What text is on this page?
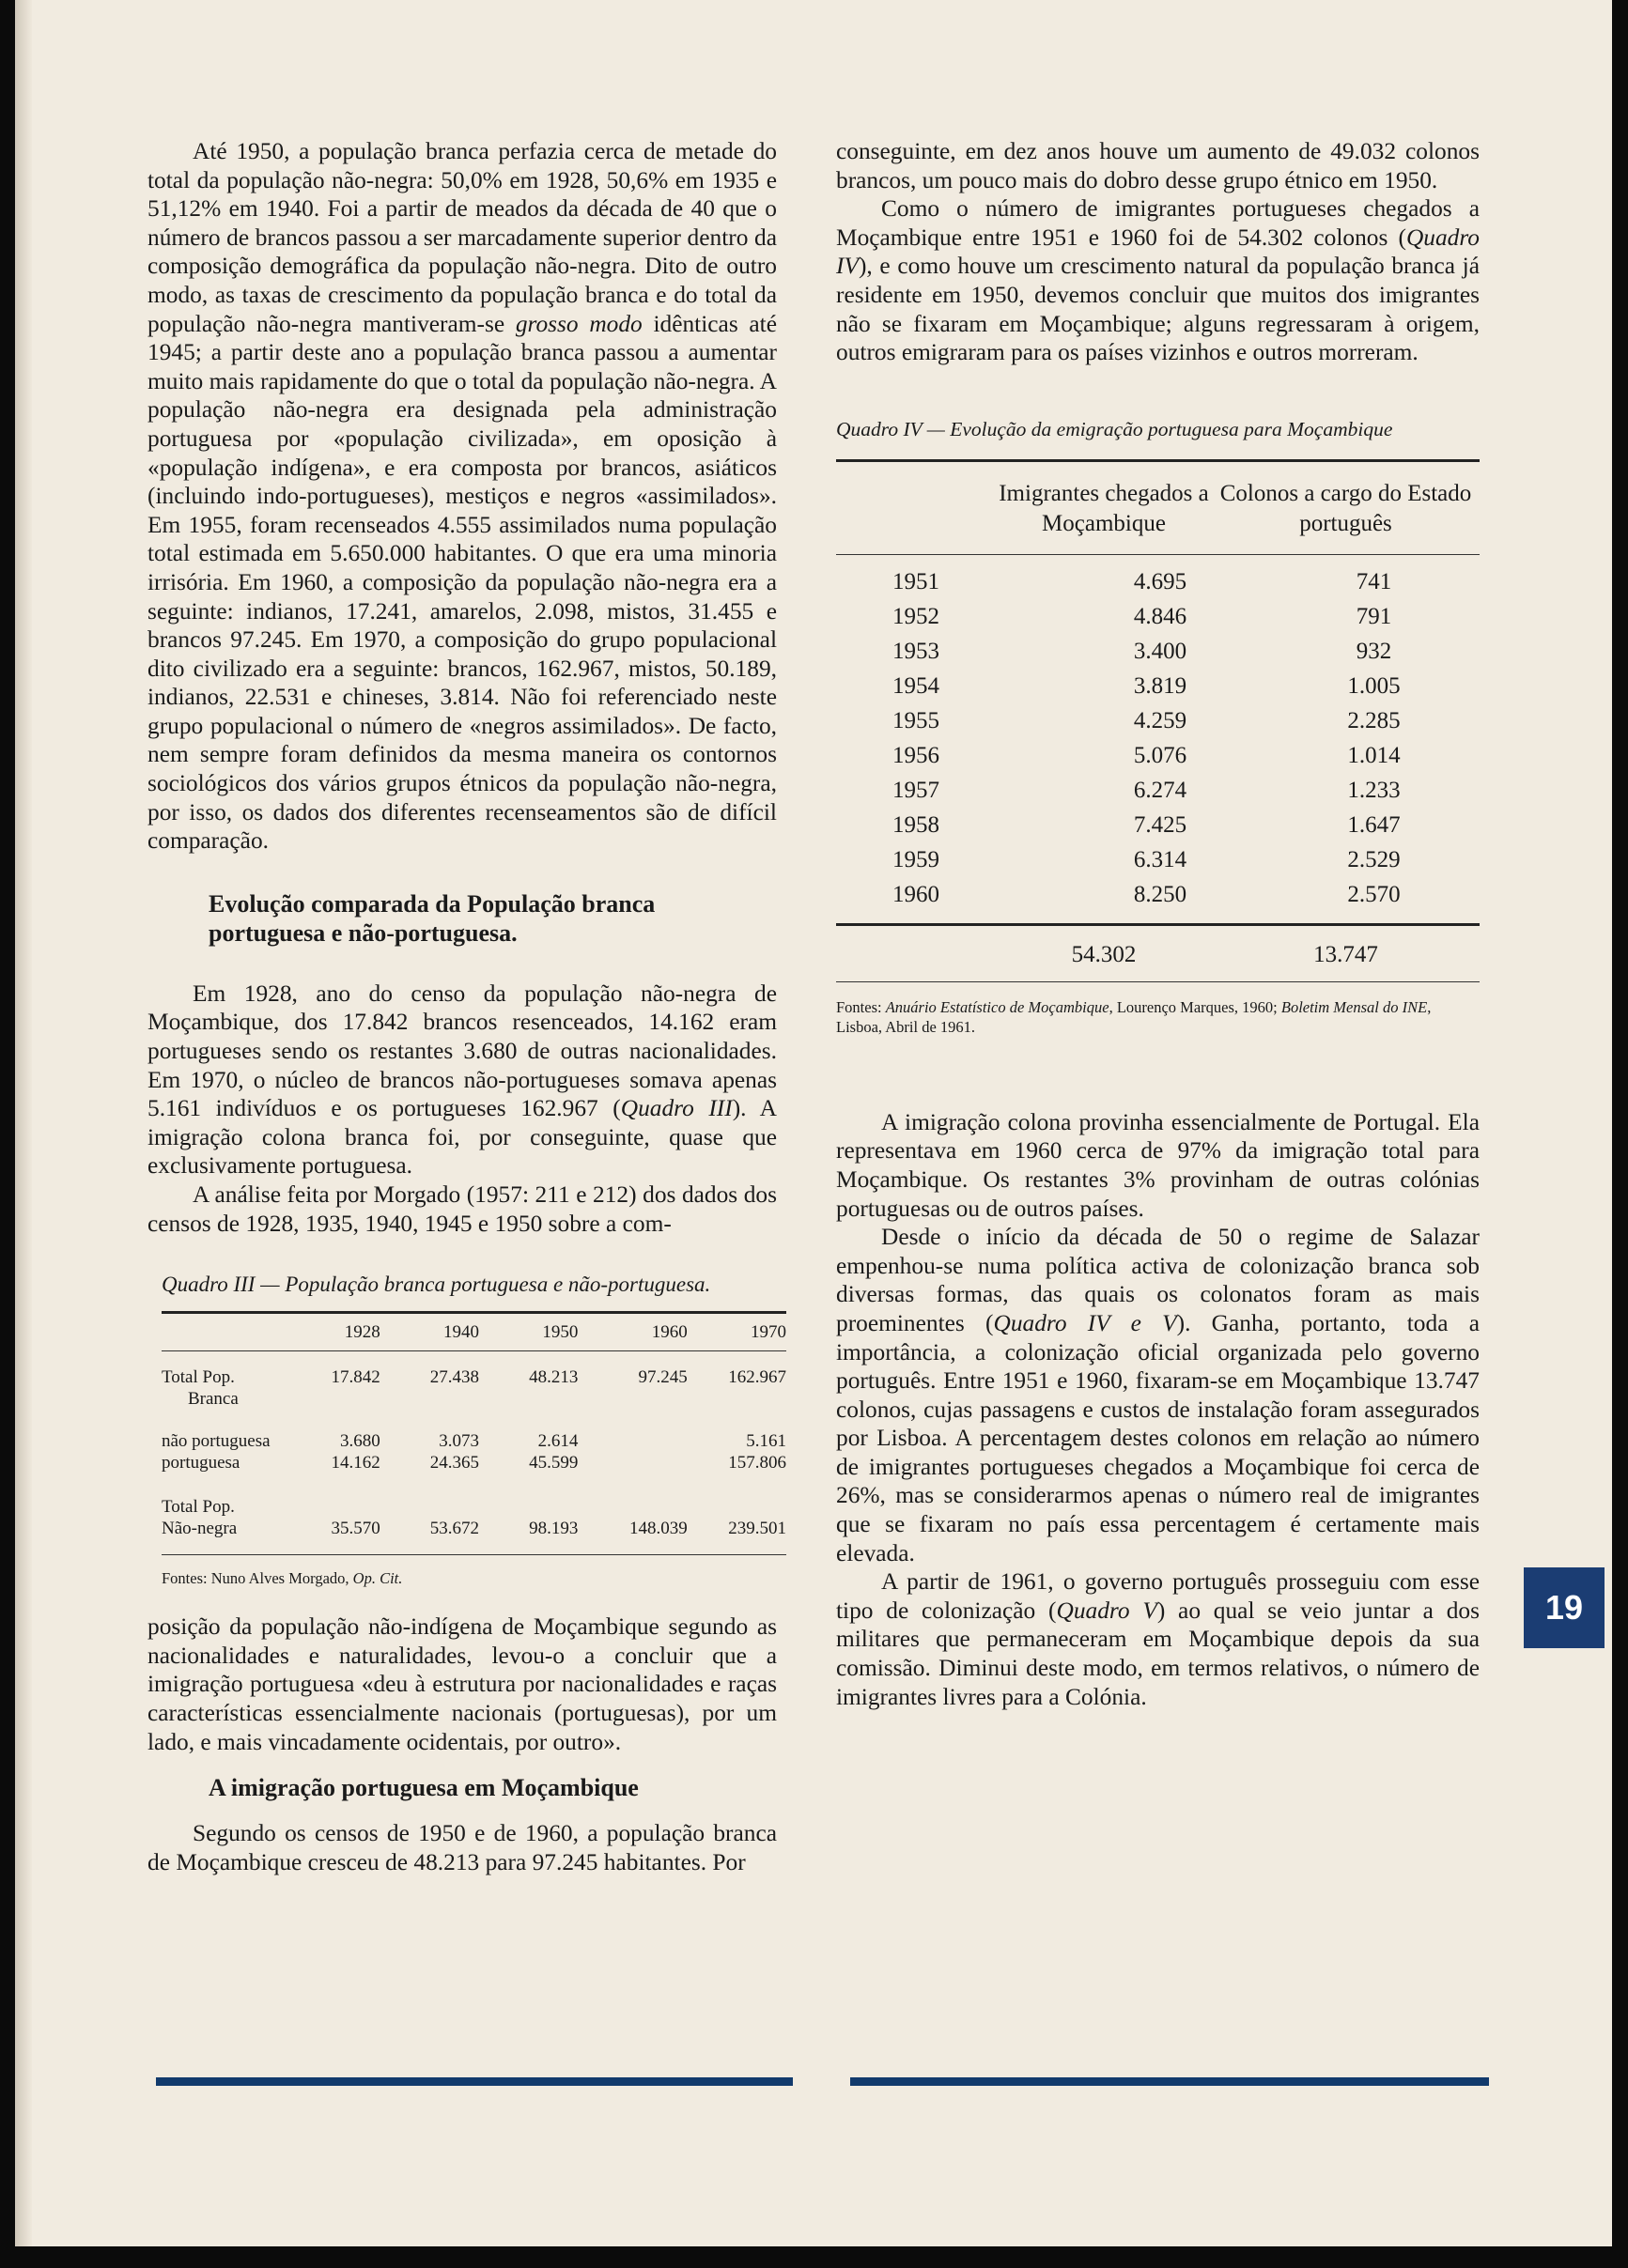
Até 1950, a população branca perfazia cerca de metade do total da população não-negra: 50,0% em 1928, 50,6% em 1935 e 51,12% em 1940. Foi a partir de meados da década de 40 que o número de brancos passou a ser marcadamente superior dentro da composição demográfica da população não-negra. Dito de outro modo, as taxas de crescimento da população branca e do total da população não-negra mantiveram-se grosso modo idênticas até 1945; a partir deste ano a população branca passou a aumentar muito mais rapidamente do que o total da população não-negra. A população não-negra era designada pela administração portuguesa por «população civilizada», em oposição à «população indígena», e era composta por brancos, asiáticos (incluindo indo-portugueses), mestiços e negros «assimilados». Em 1955, foram recenseados 4.555 assimilados numa população total estimada em 5.650.000 habitantes. O que era uma minoria irrisória. Em 1960, a composição da população não-negra era a seguinte: indianos, 17.241, amarelos, 2.098, mistos, 31.455 e brancos 97.245. Em 1970, a composição do grupo populacional dito civilizado era a seguinte: brancos, 162.967, mistos, 50.189, indianos, 22.531 e chineses, 3.814. Não foi referenciado neste grupo populacional o número de «negros assimilados». De facto, nem sempre foram definidos da mesma maneira os contornos sociológicos dos vários grupos étnicos da população não-negra, por isso, os dados dos diferentes recenseamentos são de difícil comparação.

Evolução comparada da População branca portuguesa e não-portuguesa.

Em 1928, ano do censo da população não-negra de Moçambique, dos 17.842 brancos resenceados, 14.162 eram portugueses sendo os restantes 3.680 de outras nacionalidades. Em 1970, o núcleo de brancos não-portugueses somava apenas 5.161 indivíduos e os portugueses 162.967 (Quadro III). A imigração colona branca foi, por conseguinte, quase que exclusivamente portuguesa.

A análise feita por Morgado (1957: 211 e 212) dos dados dos censos de 1928, 1935, 1940, 1945 e 1950 sobre a com-

Quadro III — População branca portuguesa e não-portuguesa.
	1928	1940	1950	1960	1970
Total Pop.
Branca	17.842	27.438	48.213	97.245	162.967

não portuguesa	3.680	3.073	2.614		5.161
portuguesa	14.162	24.365	45.599		157.806

Total Pop.
Não-negra	35.570	53.672	98.193	148.039	239.501
Fontes: Nuno Alves Morgado, Op. Cit.

posição da população não-indígena de Moçambique segundo as nacionalidades e naturalidades, levou-o a concluir que a imigração portuguesa «deu à estrutura por nacionalidades e raças características essencialmente nacionais (portuguesas), por um lado, e mais vincadamente ocidentais, por outro».

A imigração portuguesa em Moçambique

Segundo os censos de 1950 e de 1960, a população branca de Moçambique cresceu de 48.213 para 97.245 habitantes. Por

conseguinte, em dez anos houve um aumento de 49.032 colonos brancos, um pouco mais do dobro desse grupo étnico em 1950.

Como o número de imigrantes portugueses chegados a Moçambique entre 1951 e 1960 foi de 54.302 colonos (Quadro IV), e como houve um crescimento natural da população branca já residente em 1950, devemos concluir que muitos dos imigrantes não se fixaram em Moçambique; alguns regressaram à origem, outros emigraram para os países vizinhos e outros morreram.

Quadro IV — Evolução da emigração portuguesa para Moçambique
	Imigrantes chegados a Moçambique	Colonos a cargo do Estado português
1951	4.695	741
1952	4.846	791
1953	3.400	932
1954	3.819	1.005
1955	4.259	2.285
1956	5.076	1.014
1957	6.274	1.233
1958	7.425	1.647
1959	6.314	2.529
1960	8.250	2.570
	54.302	13.747
Fontes: Anuário Estatístico de Moçambique, Lourenço Marques, 1960; Boletim Mensal do INE, Lisboa, Abril de 1961.

A imigração colona provinha essencialmente de Portugal. Ela representava em 1960 cerca de 97% da imigração total para Moçambique. Os restantes 3% provinham de outras colónias portuguesas ou de outros países.

Desde o início da década de 50 o regime de Salazar empenhou-se numa política activa de colonização branca sob diversas formas, das quais os colonatos foram as mais proeminentes (Quadro IV e V). Ganha, portanto, toda a importância, a colonização oficial organizada pelo governo português. Entre 1951 e 1960, fixaram-se em Moçambique 13.747 colonos, cujas passagens e custos de instalação foram assegurados por Lisboa. A percentagem destes colonos em relação ao número de imigrantes portugueses chegados a Moçambique foi cerca de 26%, mas se considerarmos apenas o número real de imigrantes que se fixaram no país essa percentagem é certamente mais elevada.

A partir de 1961, o governo português prosseguiu com esse tipo de colonização (Quadro V) ao qual se veio juntar a dos militares que permaneceram em Moçambique depois da sua comissão. Diminui deste modo, em termos relativos, o número de imigrantes livres para a Colónia.

19
